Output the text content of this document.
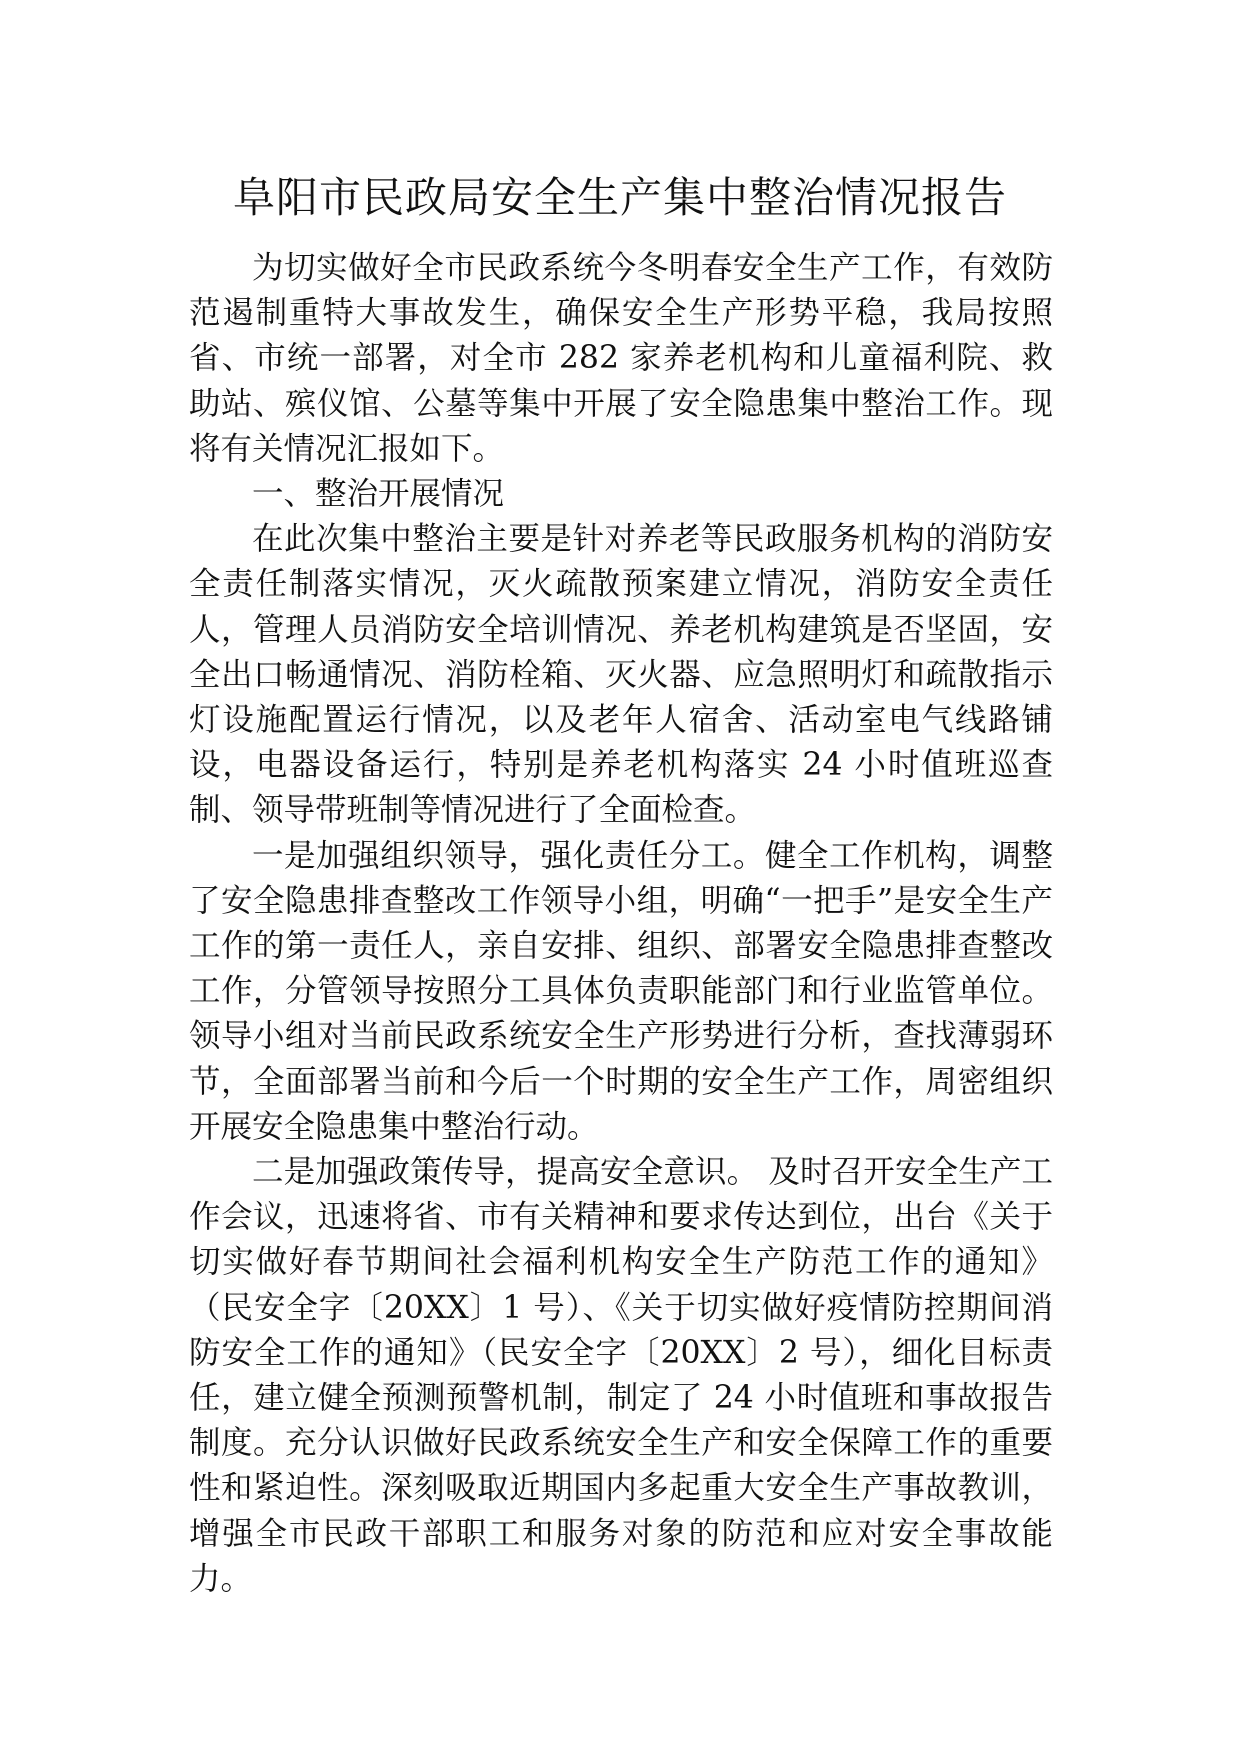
阜阳市民政局安全生产集中整治情况报告

为切实做好全市民政系统今冬明春安全生产工作，有效防范遏制重特大事故发生，确保安全生产形势平稳，我局按照省、市统一部署，对全市 282 家养老机构和儿童福利院、救助站、殡仪馆、公墓等集中开展了安全隐患集中整治工作。现将有关情况汇报如下。

一、整治开展情况

在此次集中整治主要是针对养老等民政服务机构的消防安全责任制落实情况，灭火疏散预案建立情况，消防安全责任人，管理人员消防安全培训情况、养老机构建筑是否坚固，安全出口畅通情况、消防栓箱、灭火器、应急照明灯和疏散指示灯设施配置运行情况，以及老年人宿舍、活动室电气线路铺设，电器设备运行，特别是养老机构落实 24 小时值班巡查制、领导带班制等情况进行了全面检查。

一是加强组织领导，强化责任分工。健全工作机构，调整了安全隐患排查整改工作领导小组，明确“一把手”是安全生产工作的第一责任人，亲自安排、组织、部署安全隐患排查整改工作，分管领导按照分工具体负责职能部门和行业监管单位。领导小组对当前民政系统安全生产形势进行分析，查找薄弱环节，全面部署当前和今后一个时期的安全生产工作，周密组织开展安全隐患集中整治行动。

二是加强政策传导，提高安全意识。 及时召开安全生产工作会议，迅速将省、市有关精神和要求传达到位，出台《关于切实做好春节期间社会福利机构安全生产防范工作的通知》（民安全字〔20XX〕1 号）、《关于切实做好疫情防控期间消防安全工作的通知》（民安全字〔20XX〕2 号），细化目标责任，建立健全预测预警机制，制定了 24 小时值班和事故报告制度。充分认识做好民政系统安全生产和安全保障工作的重要性和紧迫性。深刻吸取近期国内多起重大安全生产事故教训，增强全市民政干部职工和服务对象的防范和应对安全事故能力。
